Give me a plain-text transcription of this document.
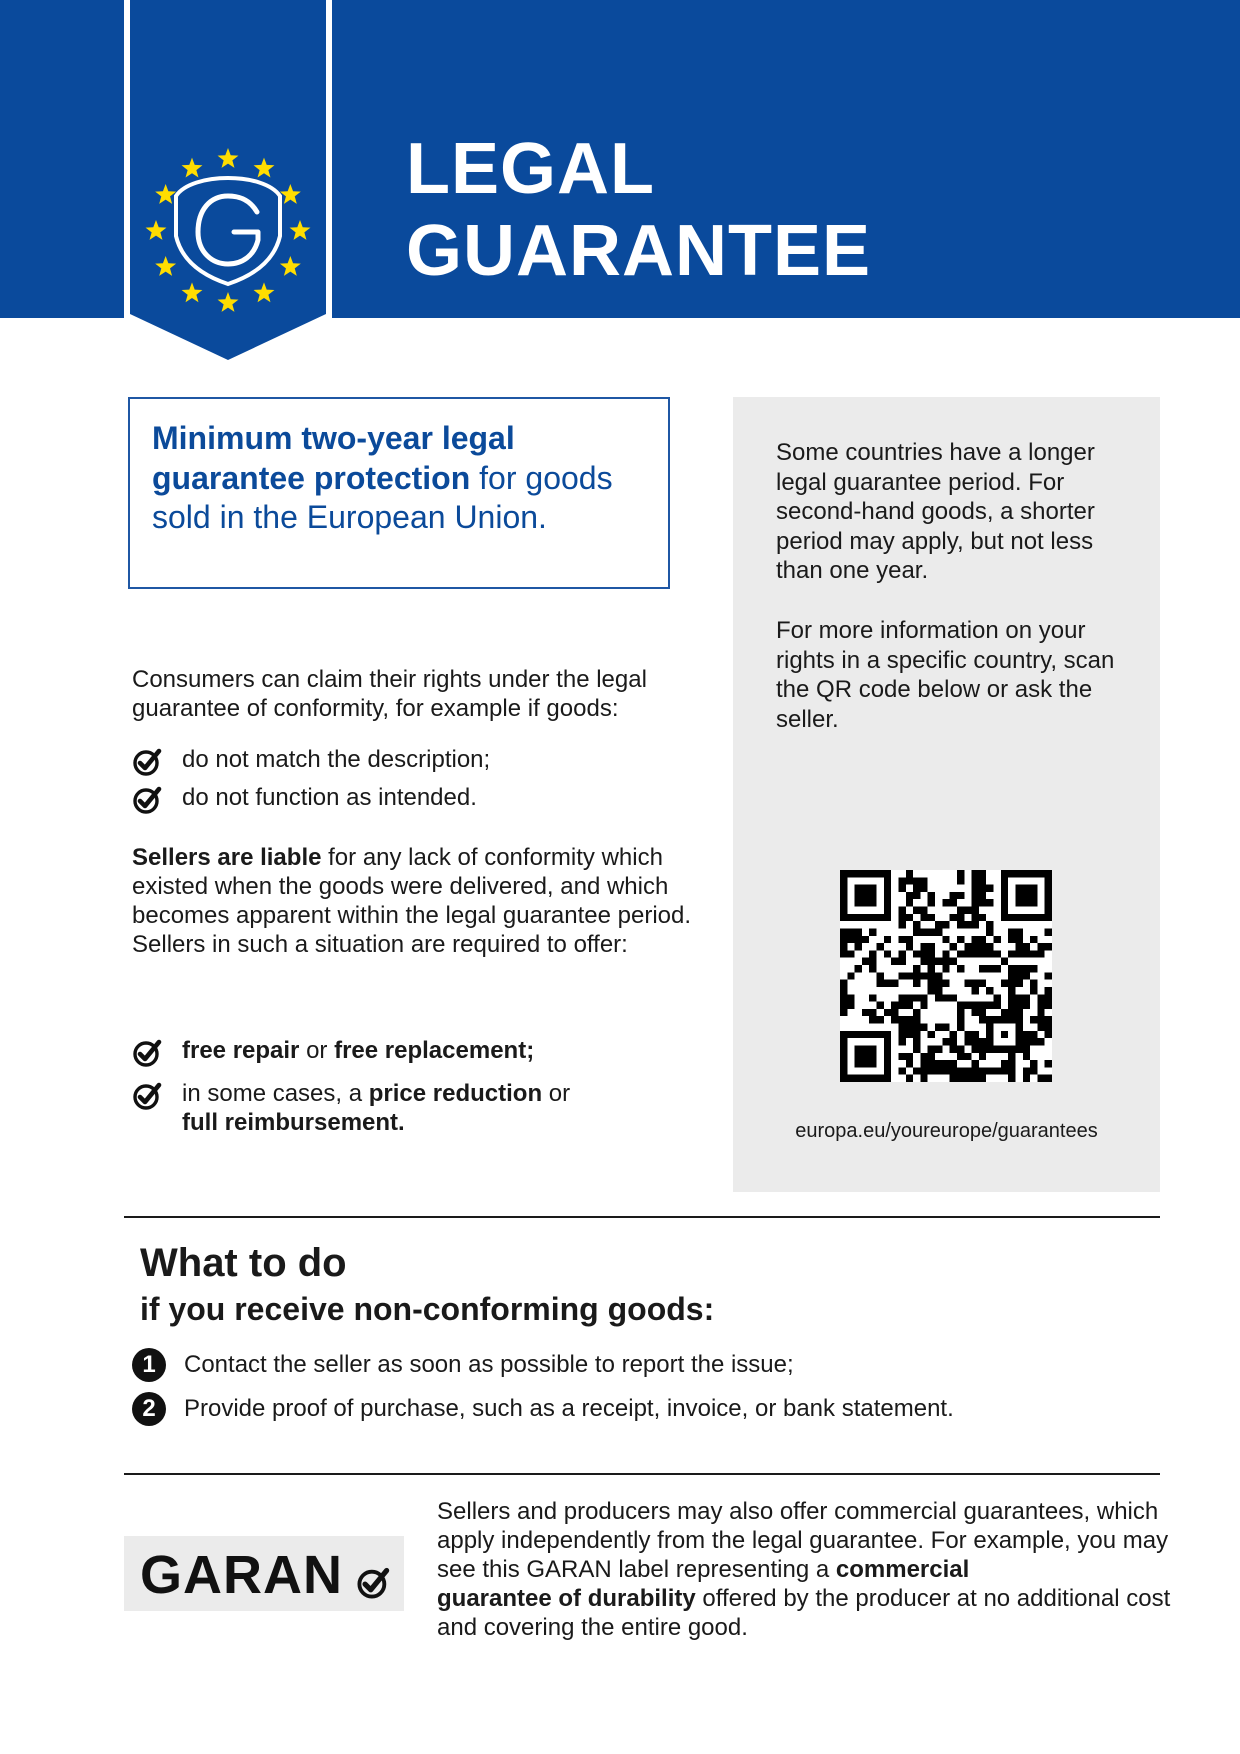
LEGAL
GUARANTEE
Minimum two-year legal
guarantee protection for goods sold in the European Union.
Some countries have a longer legal guarantee period. For second-hand goods, a shorter period may apply, but not less than one year.
For more information on your rights in a specific country, scan the QR code below or ask the seller.
europa.eu/youreurope/guarantees
Consumers can claim their rights under the legal guarantee of conformity, for example if goods:
do not match the description;
do not function as intended.
Sellers are liable for any lack of conformity which existed when the goods were delivered, and which becomes apparent within the legal guarantee period. Sellers in such a situation are required to offer:
free repair or free replacement;
in some cases, a price reduction or
full reimbursement.
What to do
if you receive non-conforming goods:
1	Contact the seller as soon as possible to report the issue;
2	Provide proof of purchase, such as a receipt, invoice, or bank statement.
GARAN
Sellers and producers may also offer commercial guarantees, which apply independently from the legal guarantee. For example, you may see this GARAN label representing a commercial
guarantee of durability offered by the producer at no additional cost and covering the entire good.
